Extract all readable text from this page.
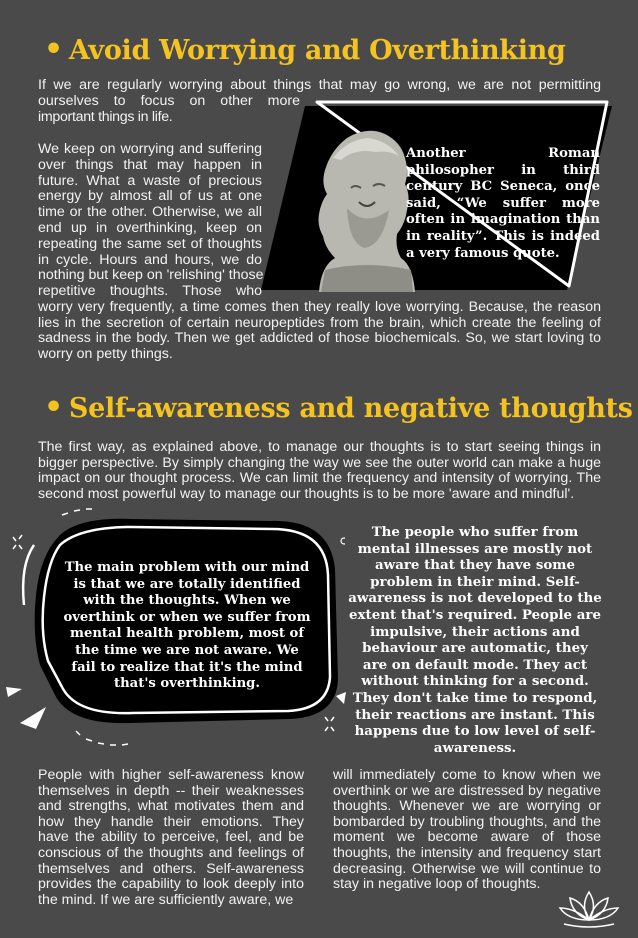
• Avoid Worrying and Overthinking
If we are regularly worrying about things that may go wrong, we are not permitting
ourselves to focus on other more
important things in life.
We keep on worrying and suffering
over things that may happen in
future. What a waste of precious
energy by almost all of us at one
time or the other. Otherwise, we all
end up in overthinking, keep on
repeating the same set of thoughts
in cycle. Hours and hours, we do
nothing but keep on 'relishing' those
repetitive thoughts. Those who
worry very frequently, a time comes then they really love worrying. Because, the reason lies in the secretion of certain neuropeptides from the brain, which create the feeling of sadness in the body. Then we get addicted of those biochemicals. So, we start loving to worry on petty things.
Another Roman philosopher in third century BC Seneca, once said, “We suffer more often in imagination than in reality”. This is indeed a very famous quote.
• Self-awareness and negative thoughts
The first way, as explained above, to manage our thoughts is to start seeing things in bigger perspective. By simply changing the way we see the outer world can make a huge impact on our thought process. We can limit the frequency and intensity of worrying. The second most powerful way to manage our thoughts is to be more 'aware and mindful'.
The main problem with our mind is that we are totally identified with the thoughts. When we overthink or when we suffer from mental health problem, most of the time we are not aware. We fail to realize that it's the mind that's overthinking.
The people who suffer from mental illnesses are mostly not aware that they have some problem in their mind. Self-awareness is not developed to the extent that's required. People are impulsive, their actions and behaviour are automatic, they are on default mode. They act without thinking for a second. They don't take time to respond, their reactions are instant. This happens due to low level of self-awareness.
People with higher self-awareness know themselves in depth -- their weaknesses and strengths, what motivates them and how they handle their emotions. They have the ability to perceive, feel, and be conscious of the thoughts and feelings of themselves and others. Self-awareness provides the capability to look deeply into the mind. If we are sufficiently aware, we
will immediately come to know when we overthink or we are distressed by negative thoughts. Whenever we are worrying or bombarded by troubling thoughts, and the moment we become aware of those thoughts, the intensity and frequency start decreasing. Otherwise we will continue to stay in negative loop of thoughts.
